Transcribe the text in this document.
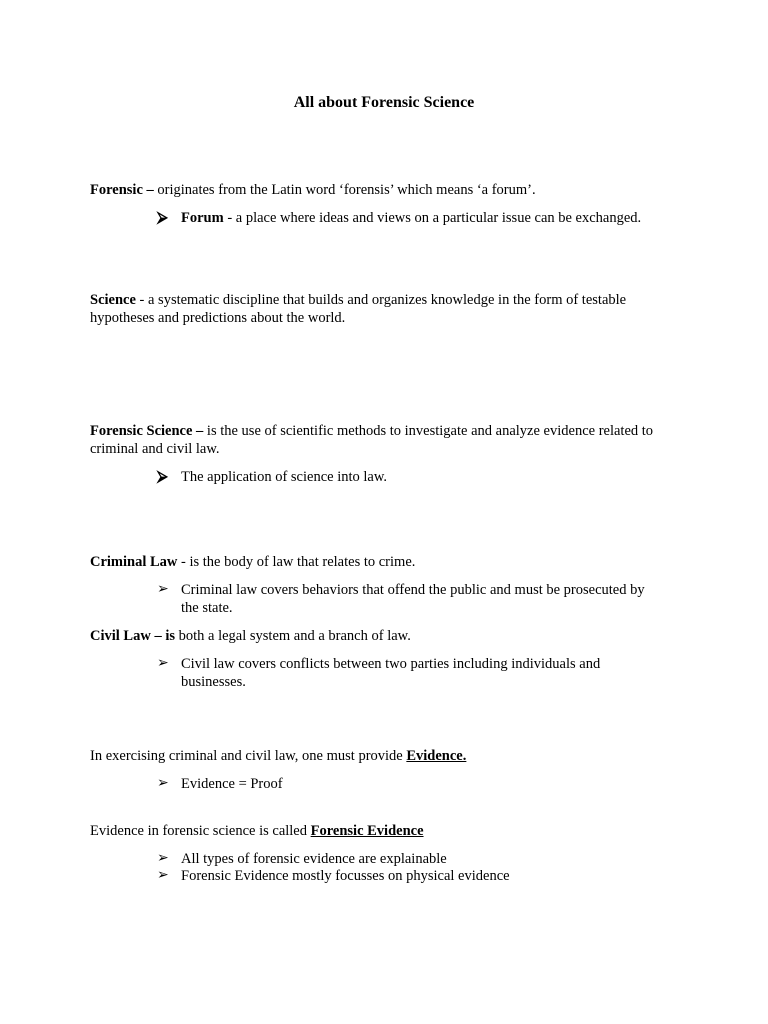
All about Forensic Science
Forensic – originates from the Latin word ‘forensis’ which means ‘a forum’.
⮚ Forum - a place where ideas and views on a particular issue can be exchanged.
Science - a systematic discipline that builds and organizes knowledge in the form of testable hypotheses and predictions about the world.
Forensic Science – is the use of scientific methods to investigate and analyze evidence related to criminal and civil law.
⮚ The application of science into law.
Criminal Law - is the body of law that relates to crime.
➢ Criminal law covers behaviors that offend the public and must be prosecuted by the state.
Civil Law – is both a legal system and a branch of law.
➢ Civil law covers conflicts between two parties including individuals and businesses.
In exercising criminal and civil law, one must provide Evidence.
➢ Evidence = Proof
Evidence in forensic science is called Forensic Evidence
➢ All types of forensic evidence are explainable
➢ Forensic Evidence mostly focusses on physical evidence
